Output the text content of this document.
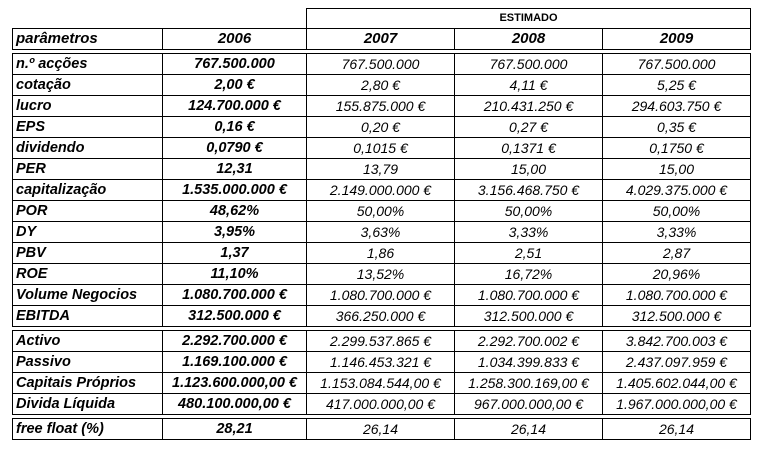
		ESTIMADO		
parâmetros	2006	2007	2008	2009

n.º acções	767.500.000	767.500.000	767.500.000	767.500.000
cotação	2,00 €	2,80 €	4,11 €	5,25 €
lucro	124.700.000 €	155.875.000 €	210.431.250 €	294.603.750 €
EPS	0,16 €	0,20 €	0,27 €	0,35 €
dividendo	0,0790 €	0,1015 €	0,1371 €	0,1750 €
PER	12,31	13,79	15,00	15,00
capitalização	1.535.000.000 €	2.149.000.000 €	3.156.468.750 €	4.029.375.000 €
POR	48,62%	50,00%	50,00%	50,00%
DY	3,95%	3,63%	3,33%	3,33%
PBV	1,37	1,86	2,51	2,87
ROE	11,10%	13,52%	16,72%	20,96%
Volume Negocios	1.080.700.000 €	1.080.700.000 €	1.080.700.000 €	1.080.700.000 €
EBITDA	312.500.000 €	366.250.000 €	312.500.000 €	312.500.000 €

Activo	2.292.700.000 €	2.299.537.865 €	2.292.700.002 €	3.842.700.003 €
Passivo	1.169.100.000 €	1.146.453.321 €	1.034.399.833 €	2.437.097.959 €
Capitais Próprios	1.123.600.000,00 €	1.153.084.544,00 €	1.258.300.169,00 €	1.405.602.044,00 €
Divida Líquida	480.100.000,00 €	417.000.000,00 €	967.000.000,00 €	1.967.000.000,00 €

free float (%)	28,21	26,14	26,14	26,14
